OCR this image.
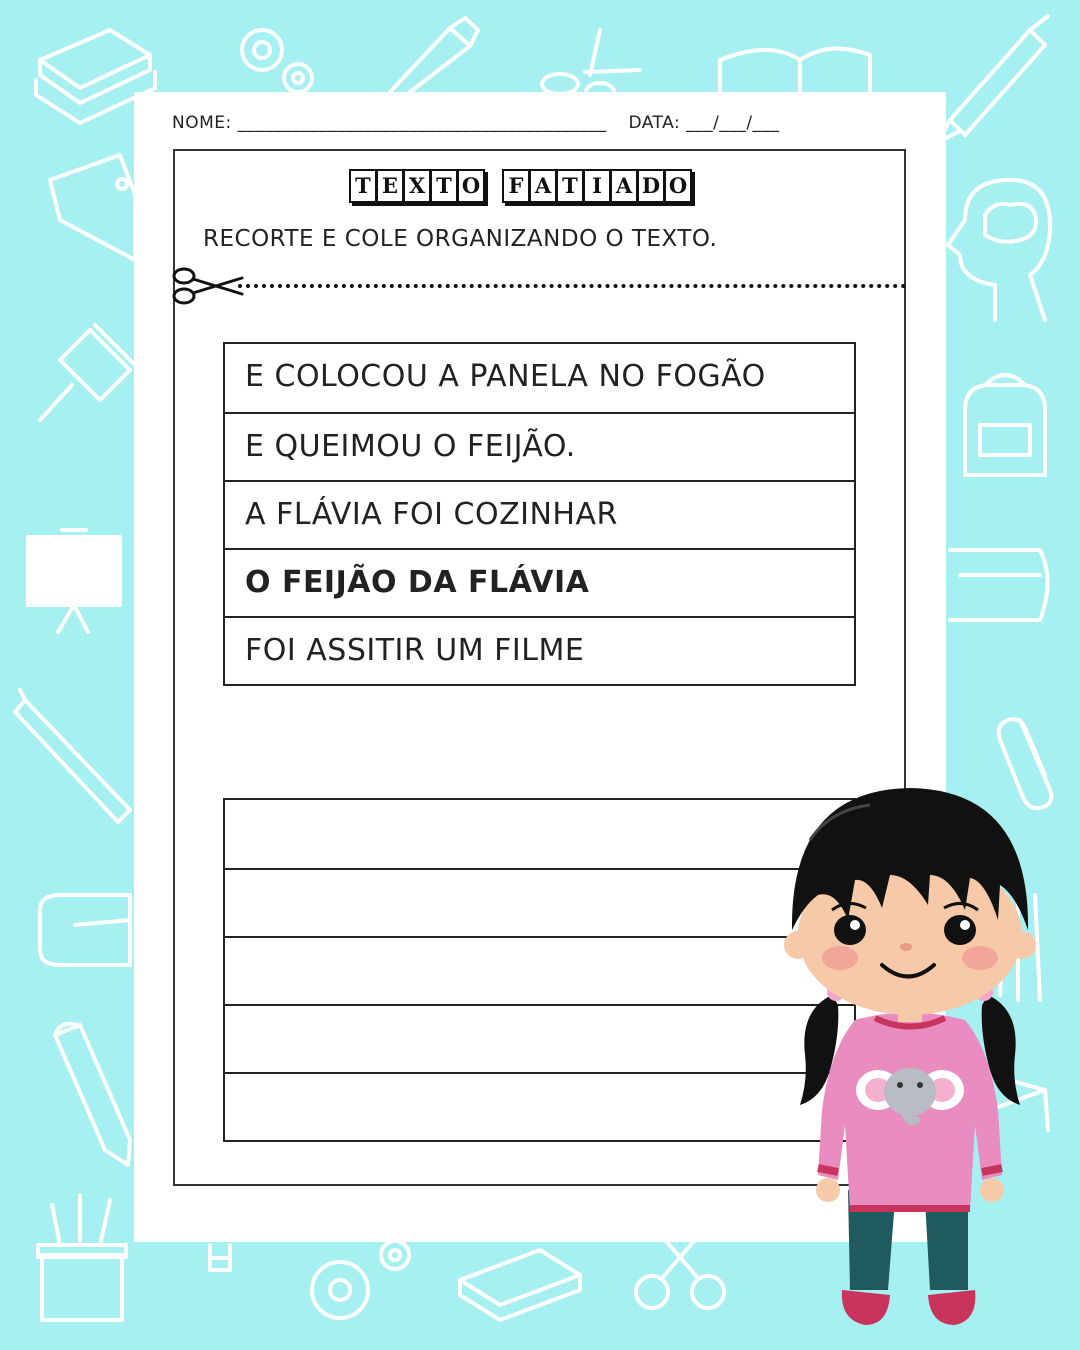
NOME: _________________________________________ DATA: ___/___/___
T E X T O	F A T I A D O
RECORTE E COLE ORGANIZANDO O TEXTO.
E COLOCOU A PANELA NO FOGÃO
E QUEIMOU O FEIJÃO.
A FLÁVIA FOI COZINHAR
O FEIJÃO DA FLÁVIA
FOI ASSITIR UM FILME
